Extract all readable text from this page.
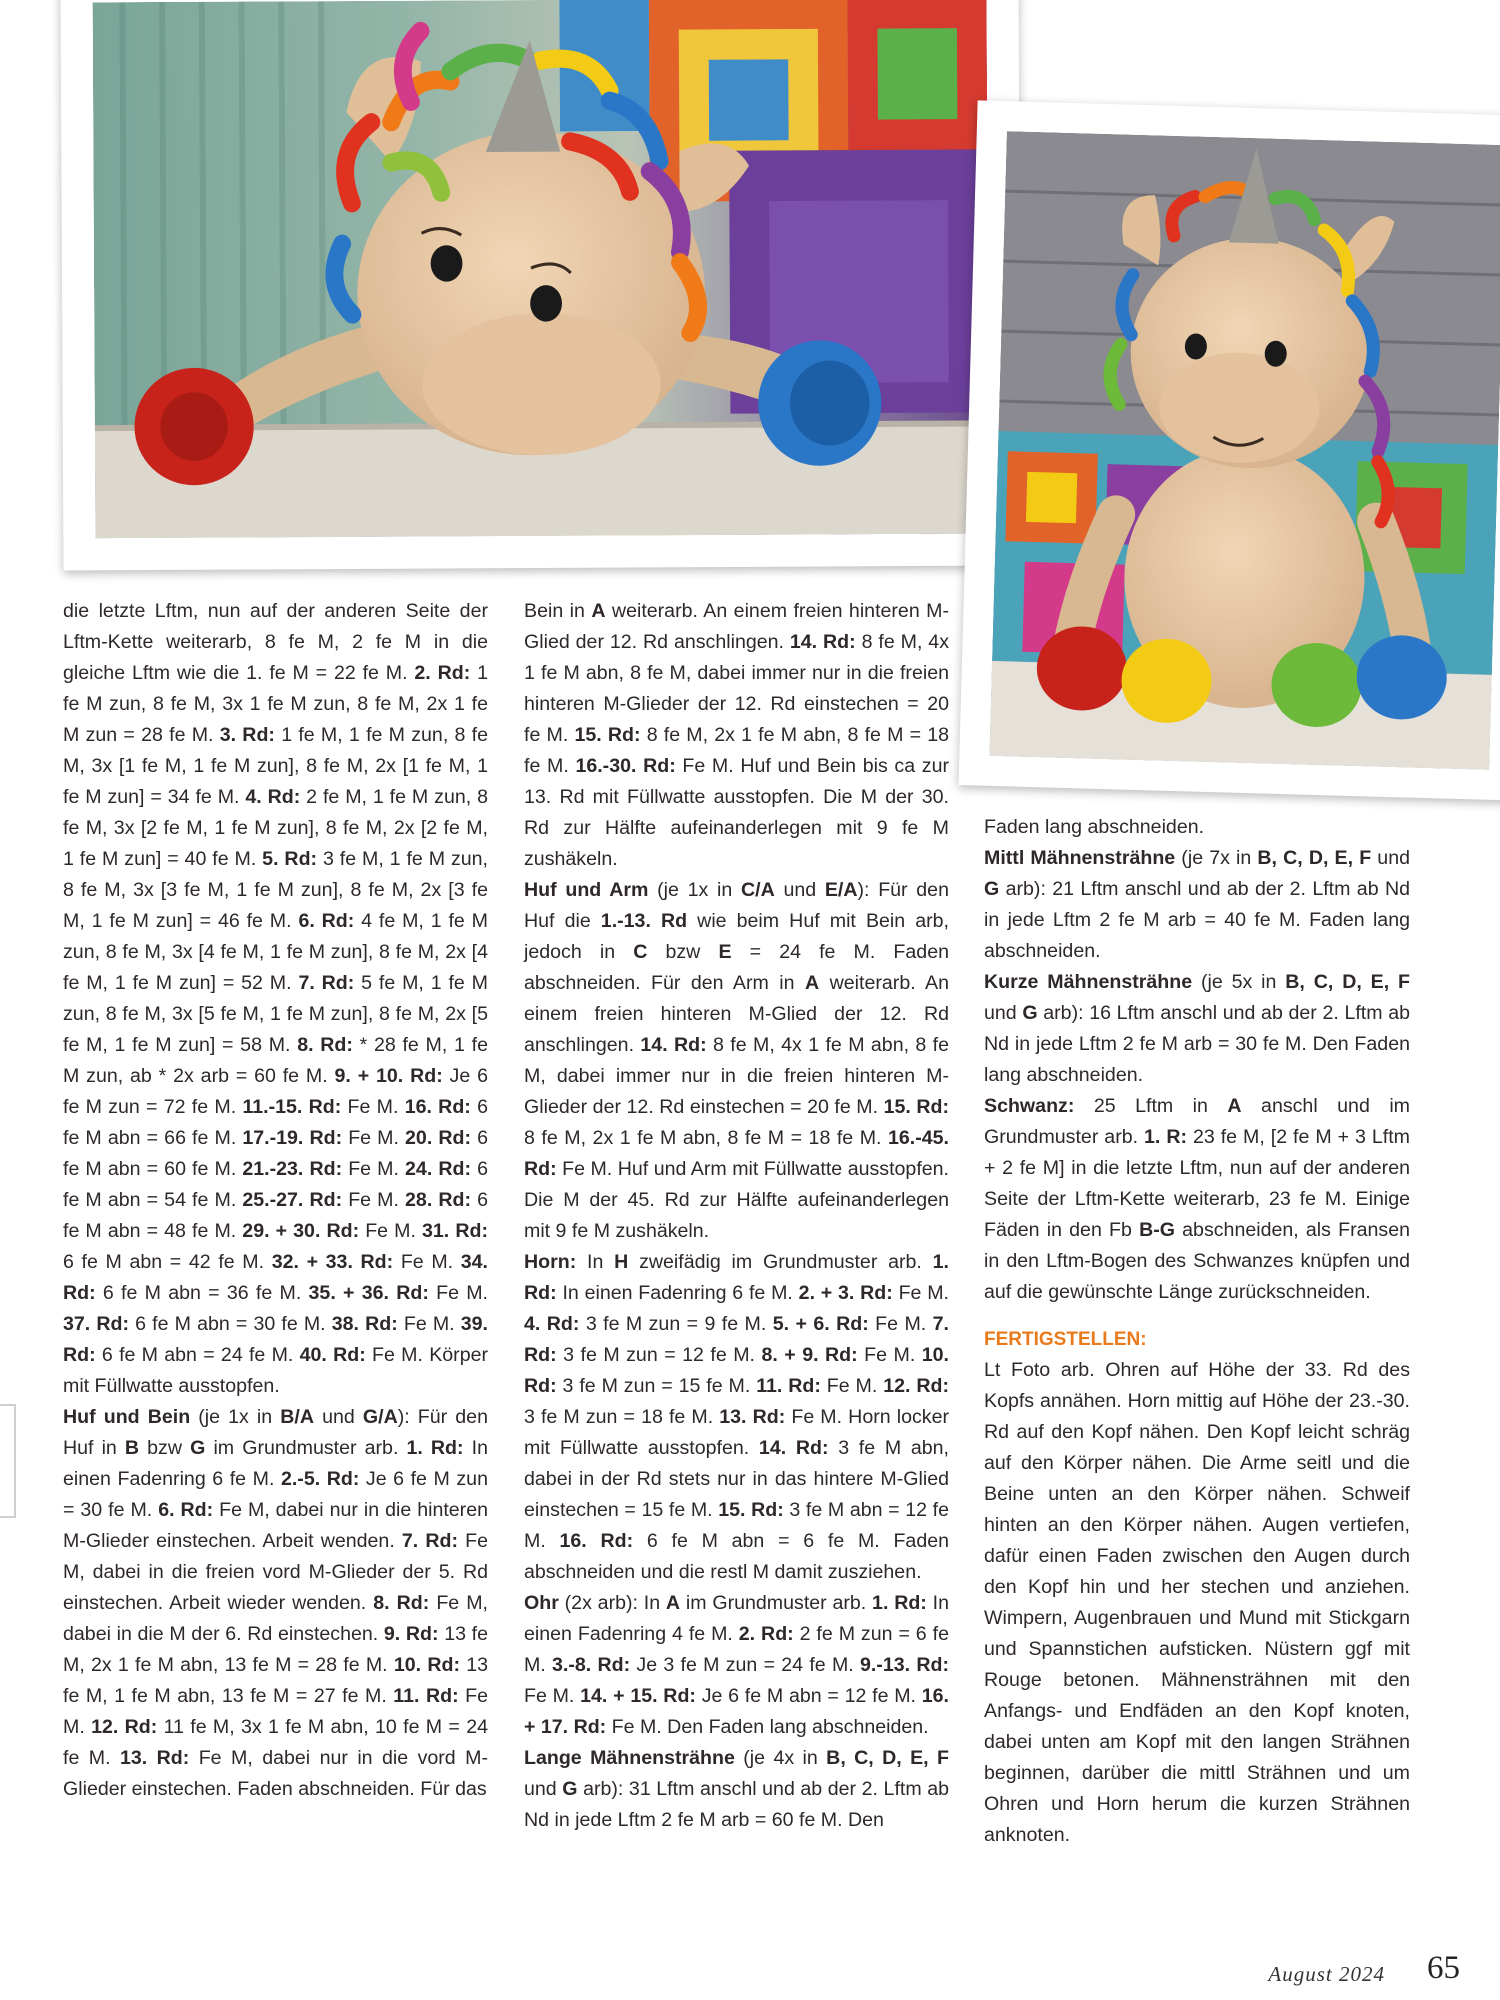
die letzte Lftm, nun auf der anderen Seite der Lftm-Kette weiterarb, 8 fe M, 2 fe M in die gleiche Lftm wie die 1. fe M = 22 fe M. 2. Rd: 1 fe M zun, 8 fe M, 3x 1 fe M zun, 8 fe M, 2x 1 fe M zun = 28 fe M. 3. Rd: 1 fe M, 1 fe M zun, 8 fe M, 3x [1 fe M, 1 fe M zun], 8 fe M, 2x [1 fe M, 1 fe M zun] = 34 fe M. 4. Rd: 2 fe M, 1 fe M zun, 8 fe M, 3x [2 fe M, 1 fe M zun], 8 fe M, 2x [2 fe M, 1 fe M zun] = 40 fe M. 5. Rd: 3 fe M, 1 fe M zun, 8 fe M, 3x [3 fe M, 1 fe M zun], 8 fe M, 2x [3 fe M, 1 fe M zun] = 46 fe M. 6. Rd: 4 fe M, 1 fe M zun, 8 fe M, 3x [4 fe M, 1 fe M zun], 8 fe M, 2x [4 fe M, 1 fe M zun] = 52 M. 7. Rd: 5 fe M, 1 fe M zun, 8 fe M, 3x [5 fe M, 1 fe M zun], 8 fe M, 2x [5 fe M, 1 fe M zun] = 58 M. 8. Rd: * 28 fe M, 1 fe M zun, ab * 2x arb = 60 fe M. 9. + 10. Rd: Je 6 fe M zun = 72 fe M. 11.-15. Rd: Fe M. 16. Rd: 6 fe M abn = 66 fe M. 17.-19. Rd: Fe M. 20. Rd: 6 fe M abn = 60 fe M. 21.-23. Rd: Fe M. 24. Rd: 6 fe M abn = 54 fe M. 25.-27. Rd: Fe M. 28. Rd: 6 fe M abn = 48 fe M. 29. + 30. Rd: Fe M. 31. Rd: 6 fe M abn = 42 fe M. 32. + 33. Rd: Fe M. 34. Rd: 6 fe M abn = 36 fe M. 35. + 36. Rd: Fe M. 37. Rd: 6 fe M abn = 30 fe M. 38. Rd: Fe M. 39. Rd: 6 fe M abn = 24 fe M. 40. Rd: Fe M. Körper mit Füllwatte ausstopfen.

Huf und Bein (je 1x in B/A und G/A): Für den Huf in B bzw G im Grundmuster arb. 1. Rd: In einen Fadenring 6 fe M. 2.-5. Rd: Je 6 fe M zun = 30 fe M. 6. Rd: Fe M, dabei nur in die hinteren M-Glieder einstechen. Arbeit wenden. 7. Rd: Fe M, dabei in die freien vord M-Glieder der 5. Rd einstechen. Arbeit wieder wenden. 8. Rd: Fe M, dabei in die M der 6. Rd einstechen. 9. Rd: 13 fe M, 2x 1 fe M abn, 13 fe M = 28 fe M. 10. Rd: 13 fe M, 1 fe M abn, 13 fe M = 27 fe M. 11. Rd: Fe M. 12. Rd: 11 fe M, 3x 1 fe M abn, 10 fe M = 24 fe M. 13. Rd: Fe M, dabei nur in die vord M-Glieder einstechen. Faden abschneiden. Für das

Bein in A weiterarb. An einem freien hinteren M-Glied der 12. Rd anschlingen. 14. Rd: 8 fe M, 4x 1 fe M abn, 8 fe M, dabei immer nur in die freien hinteren M-Glieder der 12. Rd einstechen = 20 fe M. 15. Rd: 8 fe M, 2x 1 fe M abn, 8 fe M = 18 fe M. 16.-30. Rd: Fe M. Huf und Bein bis ca zur 13. Rd mit Füllwatte ausstopfen. Die M der 30. Rd zur Hälfte aufeinanderlegen mit 9 fe M zushäkeln.

Huf und Arm (je 1x in C/A und E/A): Für den Huf die 1.-13. Rd wie beim Huf mit Bein arb, jedoch in C bzw E = 24 fe M. Faden abschneiden. Für den Arm in A weiterarb. An einem freien hinteren M-Glied der 12. Rd anschlingen. 14. Rd: 8 fe M, 4x 1 fe M abn, 8 fe M, dabei immer nur in die freien hinteren M-Glieder der 12. Rd einstechen = 20 fe M. 15. Rd: 8 fe M, 2x 1 fe M abn, 8 fe M = 18 fe M. 16.-45. Rd: Fe M. Huf und Arm mit Füllwatte ausstopfen. Die M der 45. Rd zur Hälfte aufeinanderlegen mit 9 fe M zushäkeln.

Horn: In H zweifädig im Grundmuster arb. 1. Rd: In einen Fadenring 6 fe M. 2. + 3. Rd: Fe M. 4. Rd: 3 fe M zun = 9 fe M. 5. + 6. Rd: Fe M. 7. Rd: 3 fe M zun = 12 fe M. 8. + 9. Rd: Fe M. 10. Rd: 3 fe M zun = 15 fe M. 11. Rd: Fe M. 12. Rd: 3 fe M zun = 18 fe M. 13. Rd: Fe M. Horn locker mit Füllwatte ausstopfen. 14. Rd: 3 fe M abn, dabei in der Rd stets nur in das hintere M-Glied einstechen = 15 fe M. 15. Rd: 3 fe M abn = 12 fe M. 16. Rd: 6 fe M abn = 6 fe M. Faden abschneiden und die restl M damit zusziehen.

Ohr (2x arb): In A im Grundmuster arb. 1. Rd: In einen Fadenring 4 fe M. 2. Rd: 2 fe M zun = 6 fe M. 3.-8. Rd: Je 3 fe M zun = 24 fe M. 9.-13. Rd: Fe M. 14. + 15. Rd: Je 6 fe M abn = 12 fe M. 16. + 17. Rd: Fe M. Den Faden lang abschneiden.

Lange Mähnensträhne (je 4x in B, C, D, E, F und G arb): 31 Lftm anschl und ab der 2. Lftm ab Nd in jede Lftm 2 fe M arb = 60 fe M. Den

Faden lang abschneiden.

Mittl Mähnensträhne (je 7x in B, C, D, E, F und G arb): 21 Lftm anschl und ab der 2. Lftm ab Nd in jede Lftm 2 fe M arb = 40 fe M. Faden lang abschneiden.

Kurze Mähnensträhne (je 5x in B, C, D, E, F und G arb): 16 Lftm anschl und ab der 2. Lftm ab Nd in jede Lftm 2 fe M arb = 30 fe M. Den Faden lang abschneiden.

Schwanz: 25 Lftm in A anschl und im Grundmuster arb. 1. R: 23 fe M, [2 fe M + 3 Lftm + 2 fe M] in die letzte Lftm, nun auf der anderen Seite der Lftm-Kette weiterarb, 23 fe M. Einige Fäden in den Fb B-G abschneiden, als Fransen in den Lftm-Bogen des Schwanzes knüpfen und auf die gewünschte Länge zurückschneiden.

FERTIGSTELLEN:

Lt Foto arb. Ohren auf Höhe der 33. Rd des Kopfs annähen. Horn mittig auf Höhe der 23.-30. Rd auf den Kopf nähen. Den Kopf leicht schräg auf den Körper nähen. Die Arme seitl und die Beine unten an den Körper nähen. Schweif hinten an den Körper nähen. Augen vertiefen, dafür einen Faden zwischen den Augen durch den Kopf hin und her stechen und anziehen. Wimpern, Augenbrauen und Mund mit Stickgarn und Spannstichen aufsticken. Nüstern ggf mit Rouge betonen. Mähnensträhnen mit den Anfangs- und Endfäden an den Kopf knoten, dabei unten am Kopf mit den langen Strähnen beginnen, darüber die mittl Strähnen und um Ohren und Horn herum die kurzen Strähnen anknoten.

August 2024 65
